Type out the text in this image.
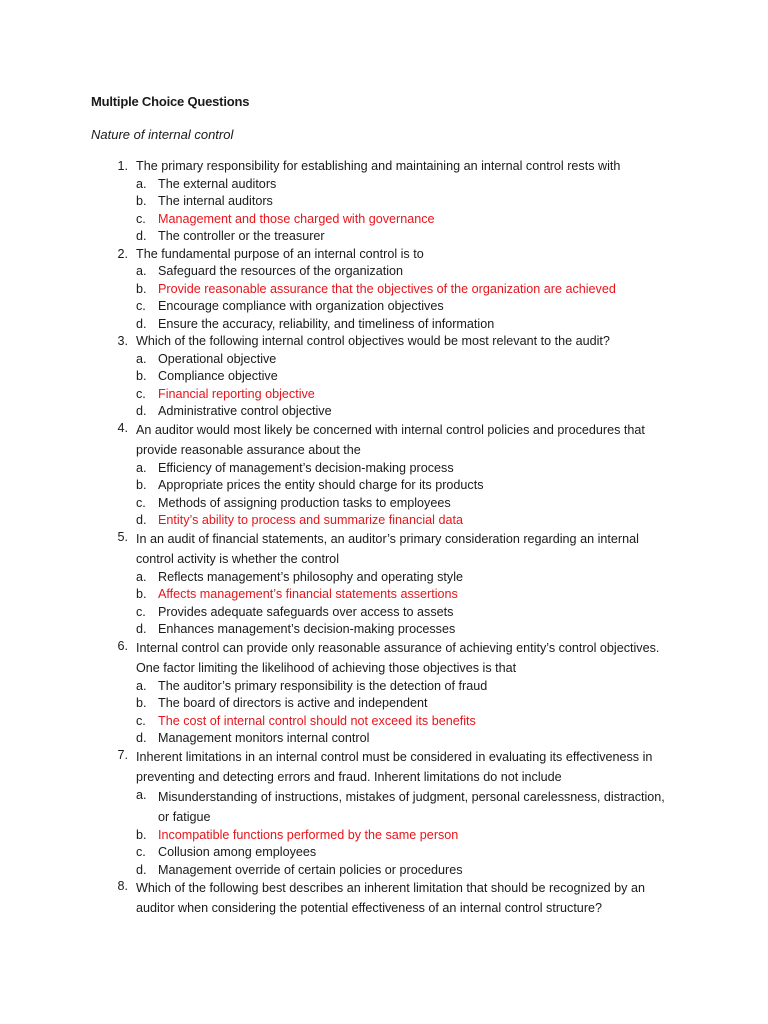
Multiple Choice Questions
Nature of internal control
1. The primary responsibility for establishing and maintaining an internal control rests with
a. The external auditors
b. The internal auditors
c. Management and those charged with governance
d. The controller or the treasurer
2. The fundamental purpose of an internal control is to
a. Safeguard the resources of the organization
b. Provide reasonable assurance that the objectives of the organization are achieved
c. Encourage compliance with organization objectives
d. Ensure the accuracy, reliability, and timeliness of information
3. Which of the following internal control objectives would be most relevant to the audit?
a. Operational objective
b. Compliance objective
c. Financial reporting objective
d. Administrative control objective
4. An auditor would most likely be concerned with internal control policies and procedures that provide reasonable assurance about the
a. Efficiency of management’s decision-making process
b. Appropriate prices the entity should charge for its products
c. Methods of assigning production tasks to employees
d. Entity’s ability to process and summarize financial data
5. In an audit of financial statements, an auditor’s primary consideration regarding an internal control activity is whether the control
a. Reflects management’s philosophy and operating style
b. Affects management’s financial statements assertions
c. Provides adequate safeguards over access to assets
d. Enhances management’s decision-making processes
6. Internal control can provide only reasonable assurance of achieving entity’s control objectives. One factor limiting the likelihood of achieving those objectives is that
a. The auditor’s primary responsibility is the detection of fraud
b. The board of directors is active and independent
c. The cost of internal control should not exceed its benefits
d. Management monitors internal control
7. Inherent limitations in an internal control must be considered in evaluating its effectiveness in preventing and detecting errors and fraud. Inherent limitations do not include
a. Misunderstanding of instructions, mistakes of judgment, personal carelessness, distraction, or fatigue
b. Incompatible functions performed by the same person
c. Collusion among employees
d. Management override of certain policies or procedures
8. Which of the following best describes an inherent limitation that should be recognized by an auditor when considering the potential effectiveness of an internal control structure?
